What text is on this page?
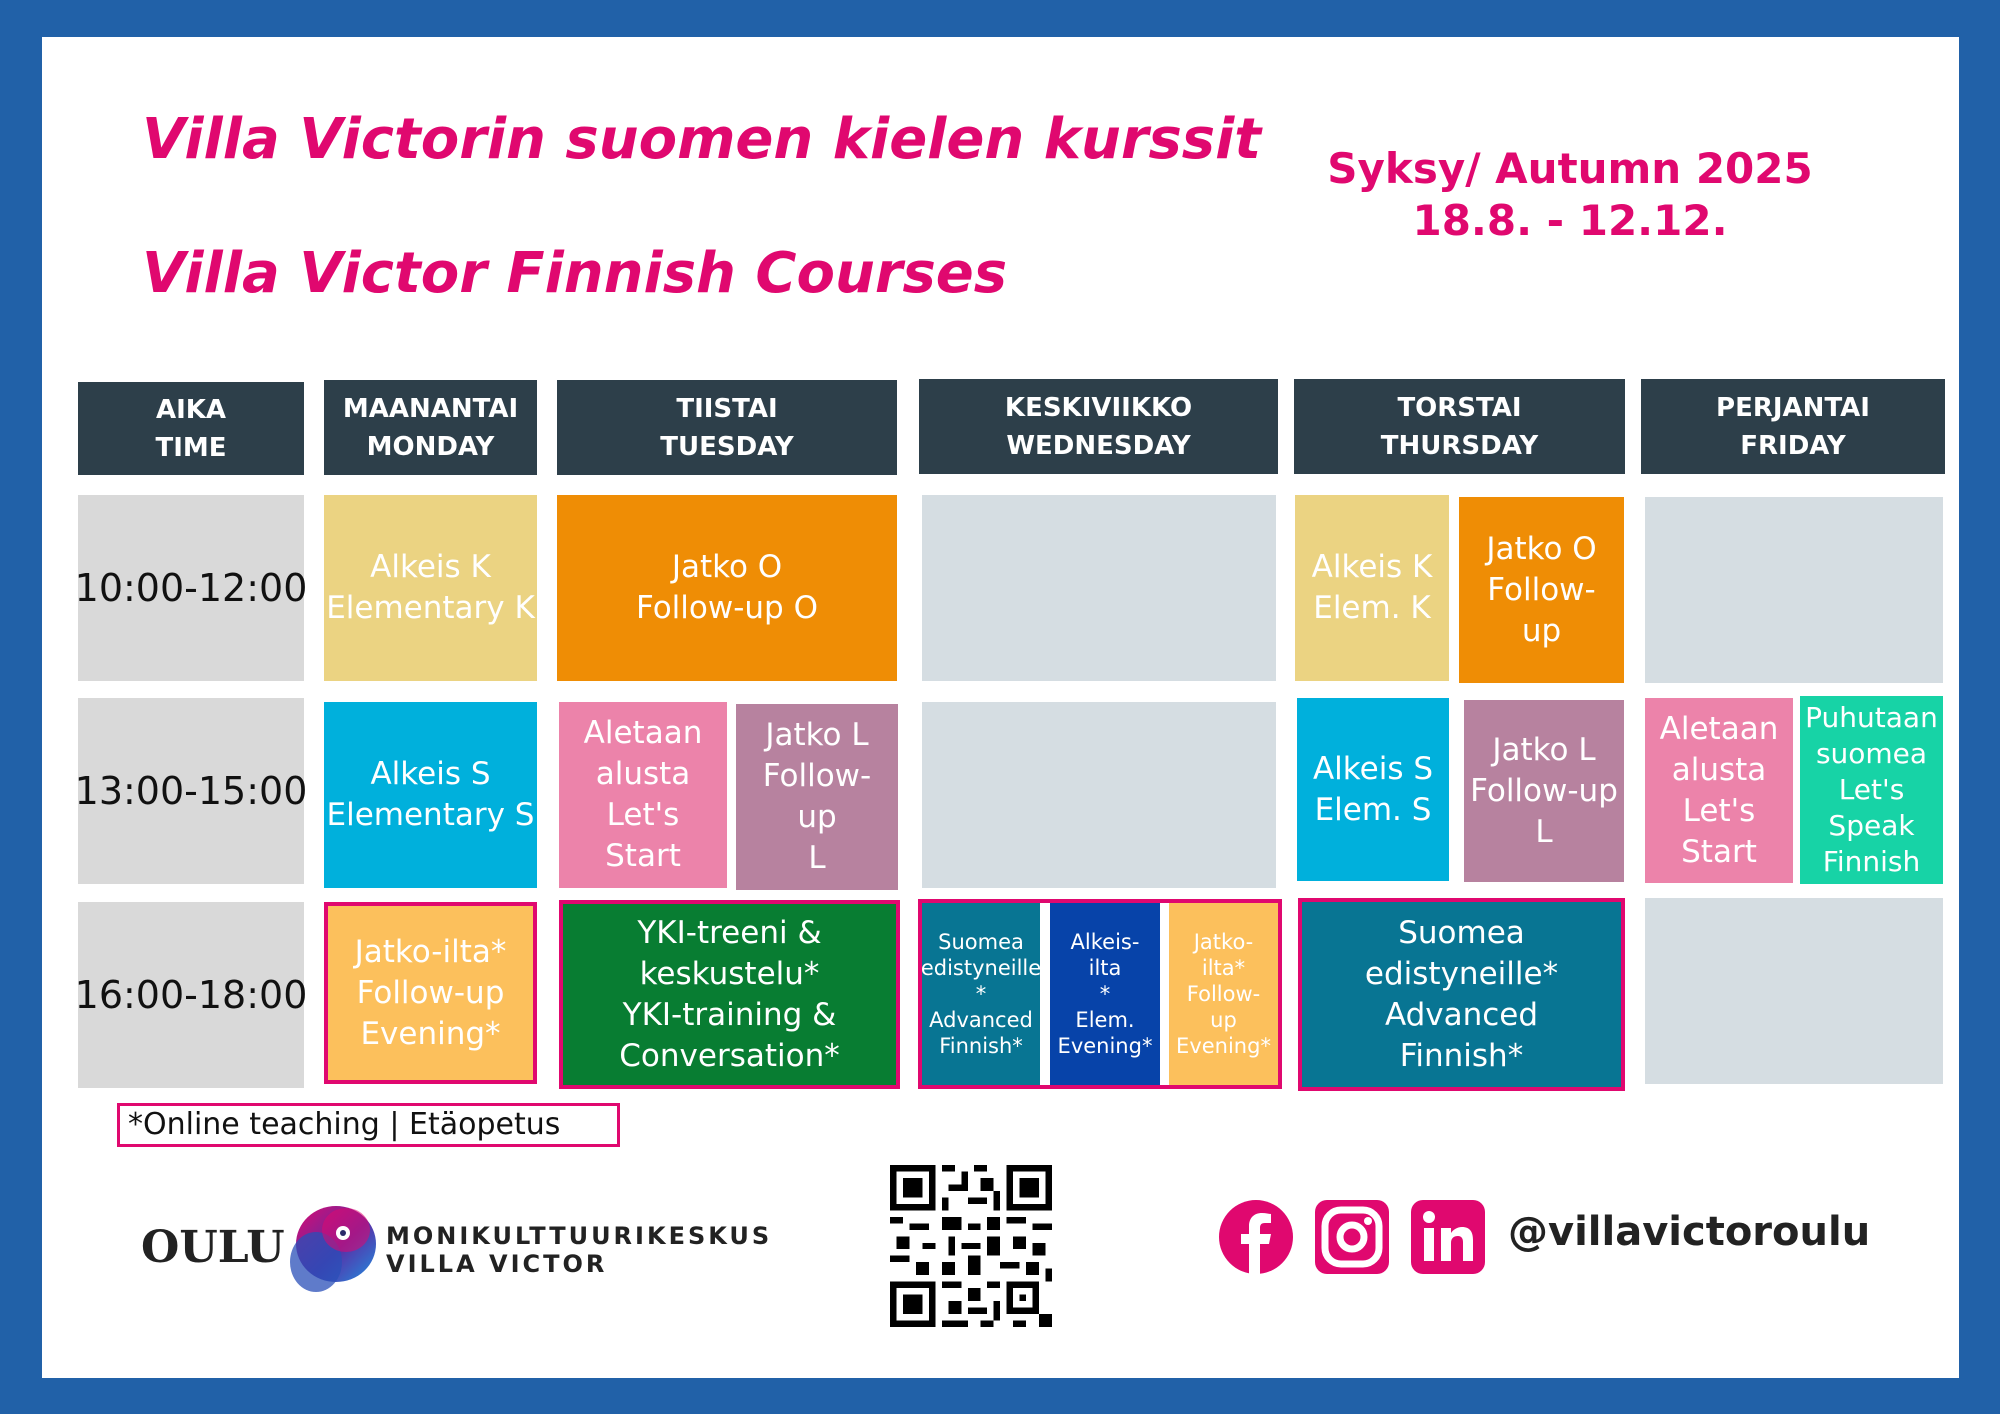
Villa Victorin suomen kielen kurssit
Villa Victor Finnish Courses
Syksy/ Autumn 2025
18.8. - 12.12.
AIKA
TIME
MAANANTAI
MONDAY
TIISTAI
TUESDAY
KESKIVIIKKO
WEDNESDAY
TORSTAI
THURSDAY
PERJANTAI
FRIDAY
10:00-12:00
13:00-15:00
16:00-18:00
Alkeis K
Elementary K
Jatko O
Follow-up O
Alkeis K
Elem. K
Jatko O
Follow-
up
Alkeis S
Elementary S
Aletaan
alusta
Let's
Start
Jatko L
Follow-
up
L
Alkeis S
Elem. S
Jatko L
Follow-up
L
Aletaan
alusta
Let's
Start
Puhutaan
suomea
Let's
Speak
Finnish
Jatko-ilta*
Follow-up
Evening*
YKI-treeni &
keskustelu*
YKI-training &
Conversation*
Suomea
edistyneille
*
Advanced
Finnish*
Alkeis-
ilta
*
Elem.
Evening*
Jatko-
ilta*
Follow-
up
Evening*
Suomea
edistyneille*
Advanced
Finnish*
*Online teaching | Etäopetus
OULU	MONIKULTTUURIKESKUS
VILLA VICTOR
@villavictoroulu
